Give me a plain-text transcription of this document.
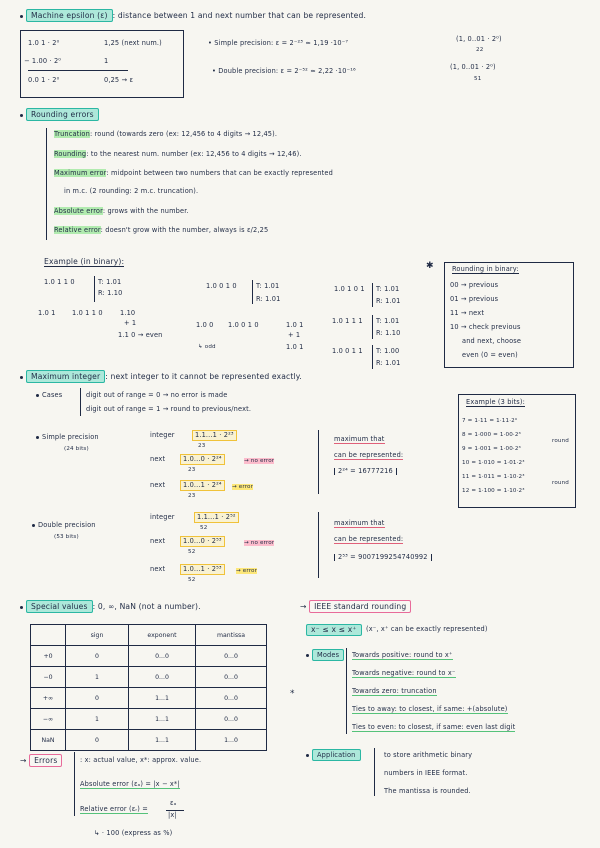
Machine epsilon (ε) : distance between 1 and next number that can be represented.
1.0 1 · 2⁰	1,25 (next num.)
− 1.00 · 2⁰	1
0.0 1 · 2⁰	0,25 → ε
• Simple precision: ε = 2⁻²³ ≈ 1,19 ·10⁻⁷	(1, 0..01 · 2⁰)
22
• Double precision: ε = 2⁻⁵² ≈ 2,22 ·10⁻¹⁶	(1, 0..01 · 2⁰)
51
Rounding errors
Truncation: round (towards zero (ex: 12,456 to 4 digits → 12,45).
Rounding: to the nearest num. number (ex: 12,456 to 4 digits → 12,46).
Maximum error: midpoint between two numbers that can be exactly represented
in m.c. (2 rounding: 2 m.c. truncation).
Absolute error: grows with the number.
Relative error: doesn't grow with the number, always is ε/2,25
Example (in binary):
1.0 1 1 0	T: 1.01
R: 1.10
1.0 1 1.0 1 1 0	1.10
+ 1
1.1 0 → even
1.0 0 1 0	T: 1.01
R: 1.01
1.0 0 1.0 0 1 0	1.0 1
+ 1
1.0 1
↳ odd
1.0 1 0 1 T: 1.01
R: 1.01
1.0 1 1 1 T: 1.01
R: 1.10
1.0 0 1 1 T: 1.00
R: 1.01
✱	Rounding in binary:
00 → previous
01 → previous
11 → next
10 → check previous
and next, choose
even (0 = even)
Maximum integer : next integer to it cannot be represented exactly.
Cases	digit out of range = 0 → no error is made
digit out of range = 1 → round to previous/next.
Example (3 bits):
7 = 1·11 = 1·11·2⁰
8 = 1·000 = 1·00·2³
9 = 1·001 = 1·00·2³
10 = 1·010 = 1·01·2³
11 = 1·011 = 1·10·2³
12 = 1·100 = 1·10·2³
round
round
Simple precision
(24 bits)
integer	1.1...1 · 2²³
23
next	1.0...0 · 2²⁴
23
→ no error
next	1.0...1 · 2²⁴
23
→ error
maximum that
can be represented:
2²⁴ = 16777216
Double precision
(53 bits)
integer	1.1...1 · 2⁵²
52
next	1.0...0 · 2⁵³
52
→ no error
next	1.0...1 · 2⁵³
52
→ error
maximum that
can be represented:
2⁵³ = 9007199254740992
Special values : 0, ∞, NaN (not a number).
	sign	exponent	mantissa
+0	0	0...0	0...0
−0	1	0...0	0...0
+∞	0	1...1	0...0
−∞	1	1...1	0...0
NaN	0	1...1	1...0
→ IEEE standard rounding
x⁻ ≤ x ≤ x⁺	(x⁻, x⁺ can be exactly represented)
Modes	Towards positive: round to x⁺
Towards negative: round to x⁻
Towards zero: truncation
Ties to away: to closest, if same: +(absolute)
Ties to even: to closest, if same: even last digit
*
Application	to store arithmetic binary
numbers in IEEE format.
The mantissa is rounded.
→ Errors	: x: actual value, x*: approx. value.
Absolute error (εₐ) = |x − x*|
Relative error (εᵣ) =
εₐ
|x|
↳ · 100 (express as %)
